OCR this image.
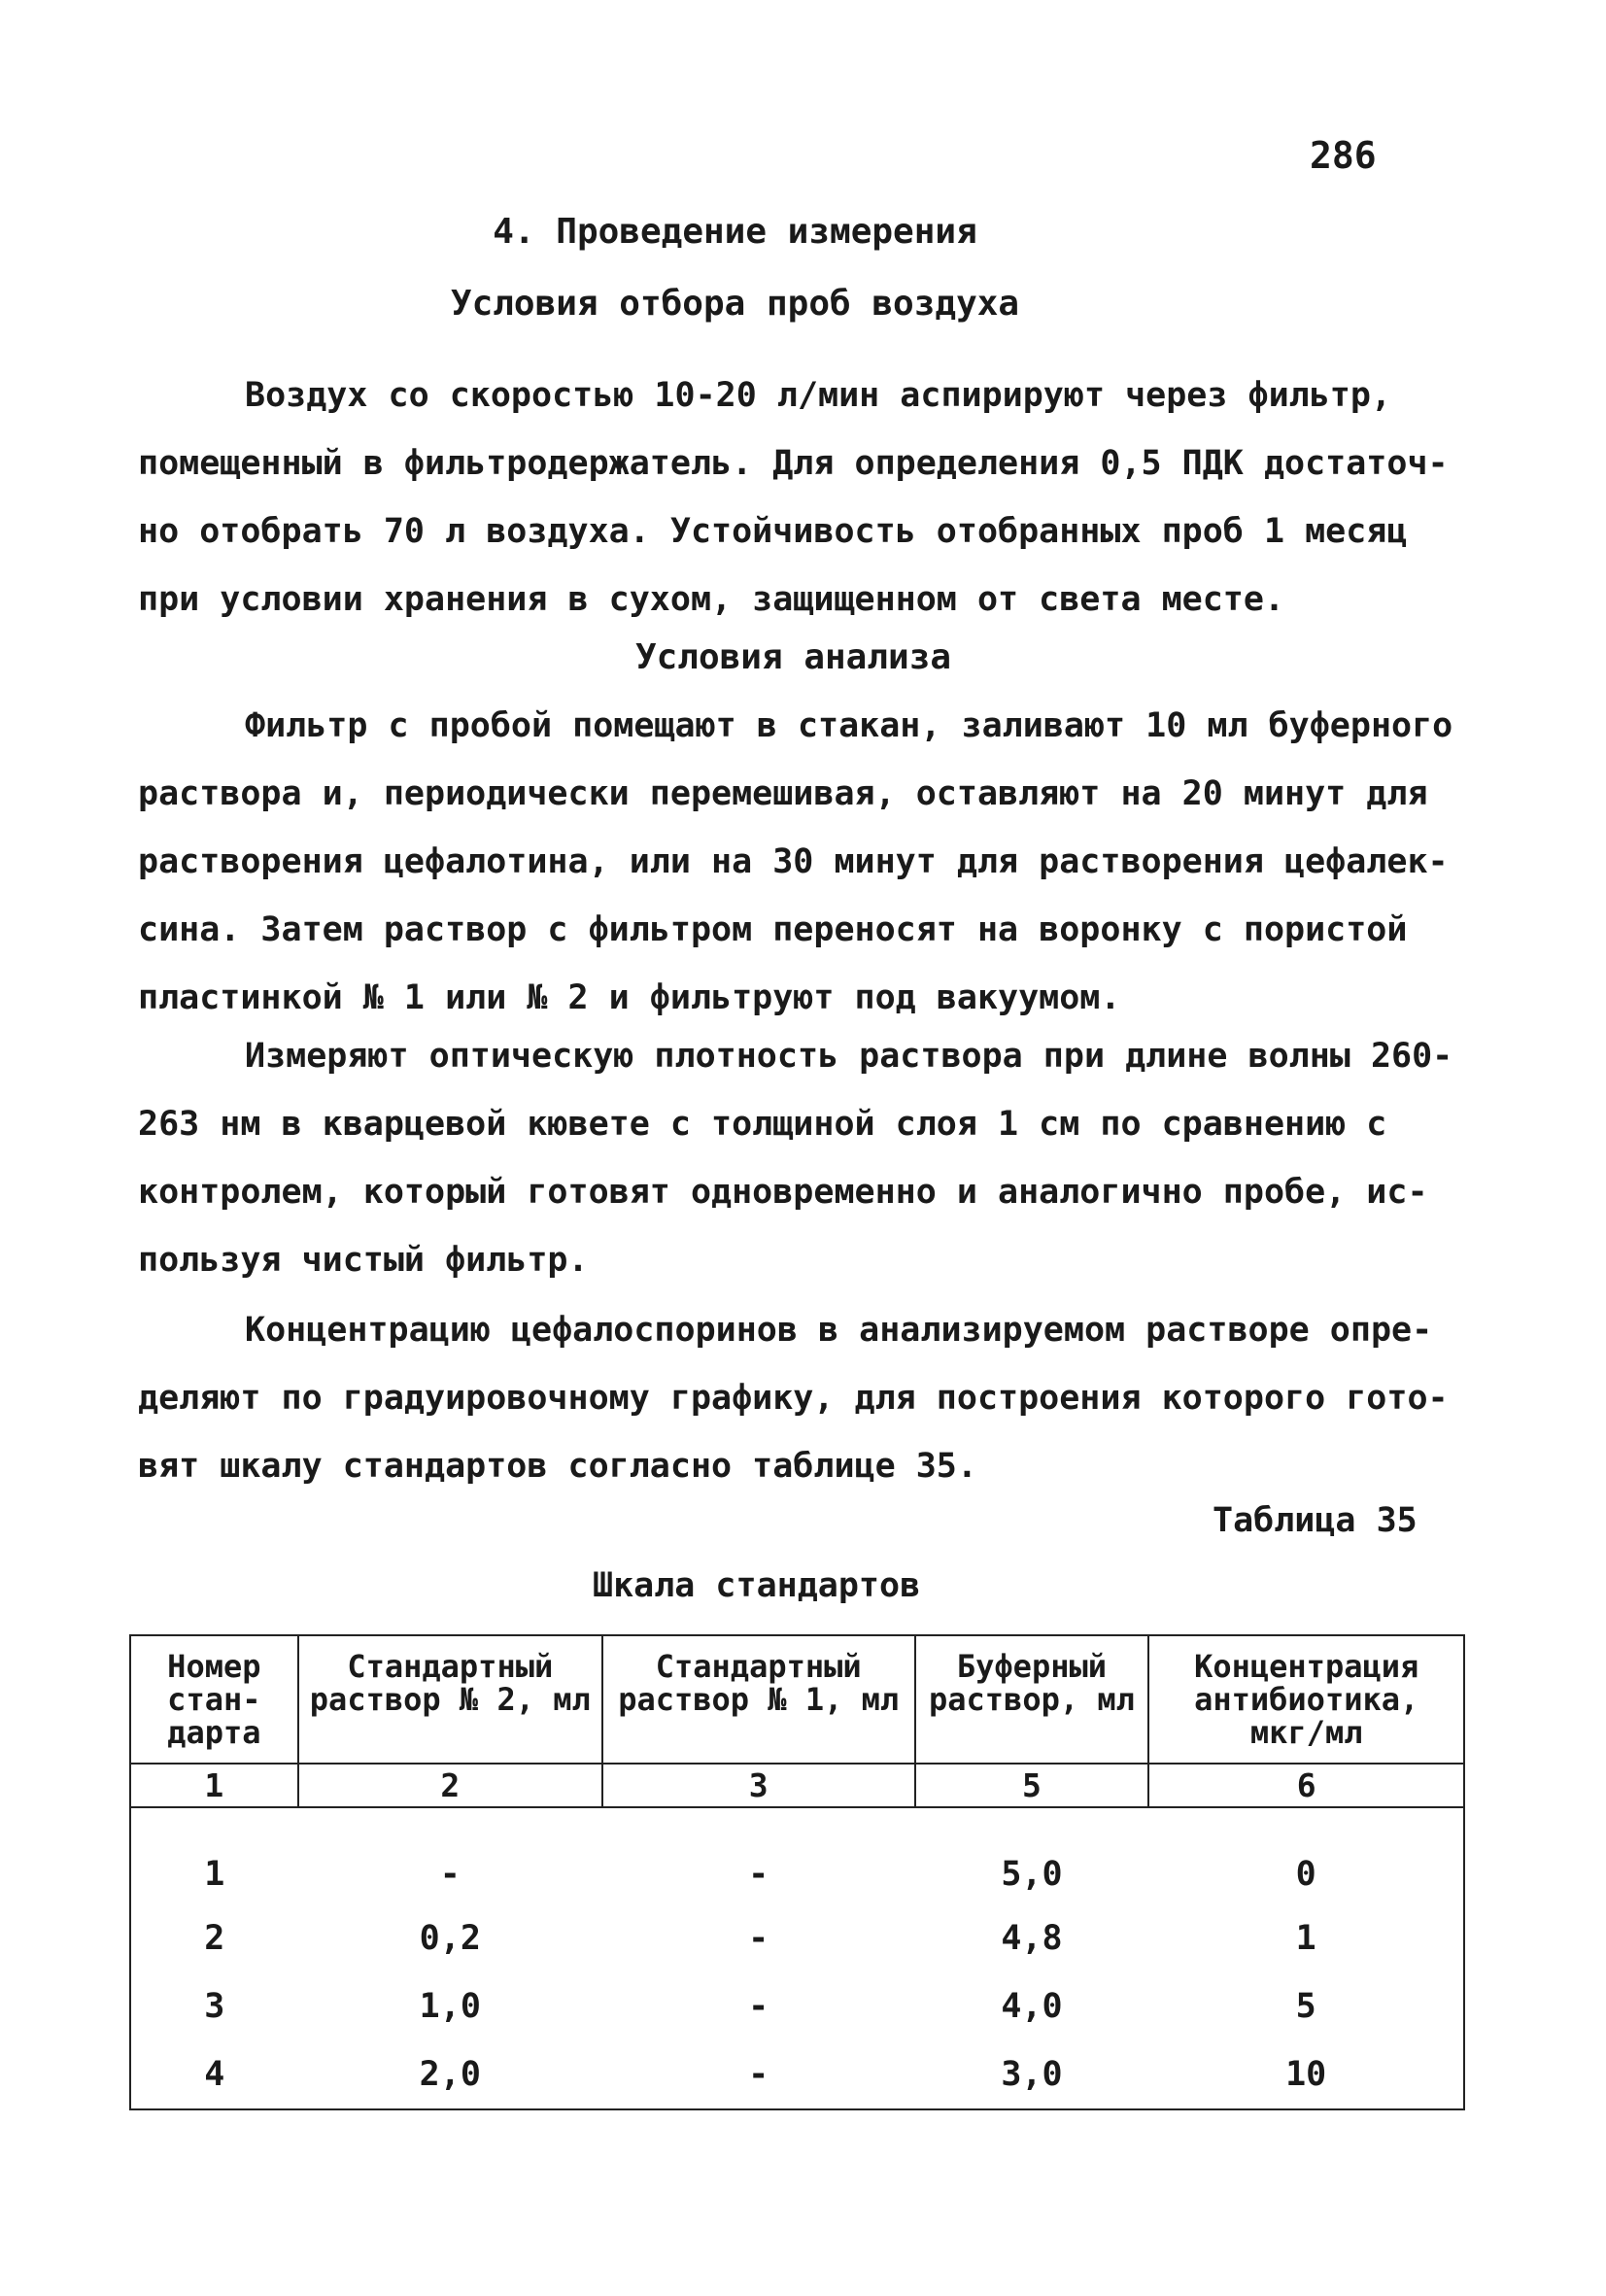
286
4. Проведение измерения
Условия отбора проб воздуха
Воздух со скоростью 10-20 л/мин аспирируют через фильтр,
помещенный в фильтродержатель. Для определения 0,5 ПДК достаточ-
но отобрать 70 л воздуха. Устойчивость отобранных проб 1 месяц
при условии хранения в сухом, защищенном от света месте.
Условия анализа
Фильтр с пробой помещают в стакан, заливают 10 мл буферного
раствора и, периодически перемешивая, оставляют на 20 минут для
растворения цефалотина, или на 30 минут для растворения цефалек-
сина. Затем раствор с фильтром переносят на воронку с пористой
пластинкой № 1 или № 2 и фильтруют под вакуумом.
Измеряют оптическую плотность раствора при длине волны 260-
263 нм в кварцевой кювете с толщиной слоя 1 см по сравнению с
контролем, который готовят одновременно и аналогично пробе, ис-
пользуя чистый фильтр.
Концентрацию цефалоспоринов в анализируемом растворе опре-
деляют по градуировочному графику, для построения которого гото-
вят шкалу стандартов согласно таблице 35.
Таблица 35
Шкала стандартов
Номер стан- дарта	Стандартный раствор № 2, мл	Стандартный раствор № 1, мл	Буферный раствор, мл	Концентрация антибиотика, мкг/мл
1	2	3	5	6
1	-	-	5,0	0
2	0,2	-	4,8	1
3	1,0	-	4,0	5
4	2,0	-	3,0	10
